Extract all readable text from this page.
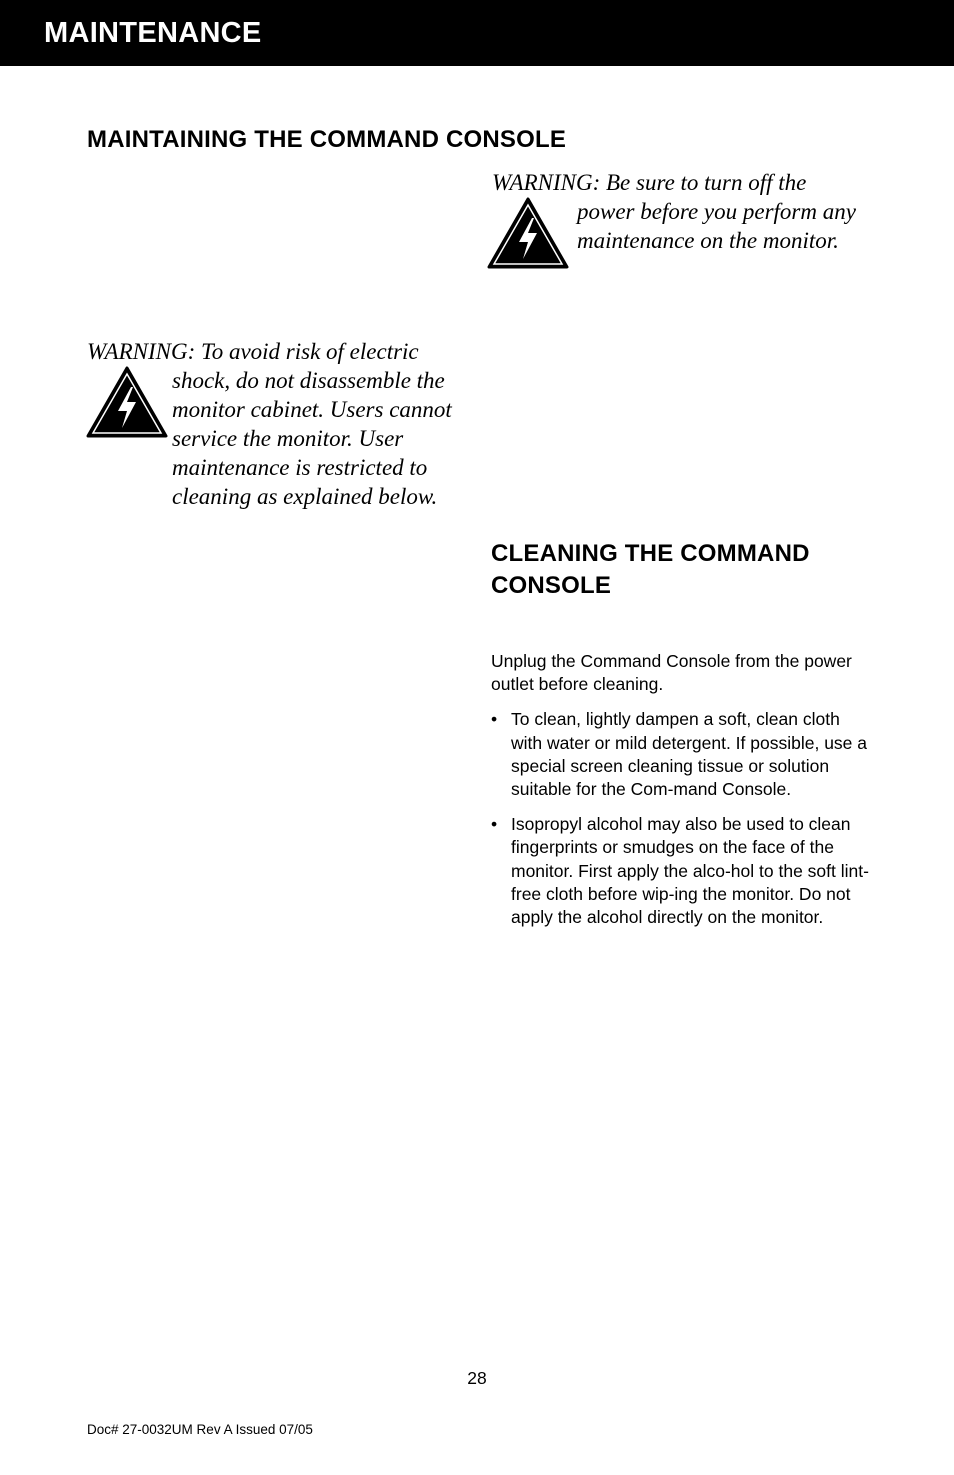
MAINTENANCE
MAINTAINING THE COMMAND CONSOLE
WARNING: Be sure to turn off the
power before you perform any
maintenance on the monitor.
WARNING: To avoid risk of electric
shock, do not disassemble the
monitor cabinet. Users cannot
service the monitor. User
maintenance is restricted to
cleaning as explained below.
CLEANING THE COMMAND
CONSOLE

Unplug the Command Console from the power outlet before cleaning.

• To clean, lightly dampen a soft, clean cloth with water or mild detergent. If possible, use a special screen cleaning tissue or solution suitable for the Com-mand Console.
• Isopropyl alcohol may also be used to clean fingerprints or smudges on the face of the monitor. First apply the alco-hol to the soft lint-free cloth before wip-ing the monitor. Do not apply the alcohol directly on the monitor.
28
Doc# 27-0032UM Rev A Issued 07/05
